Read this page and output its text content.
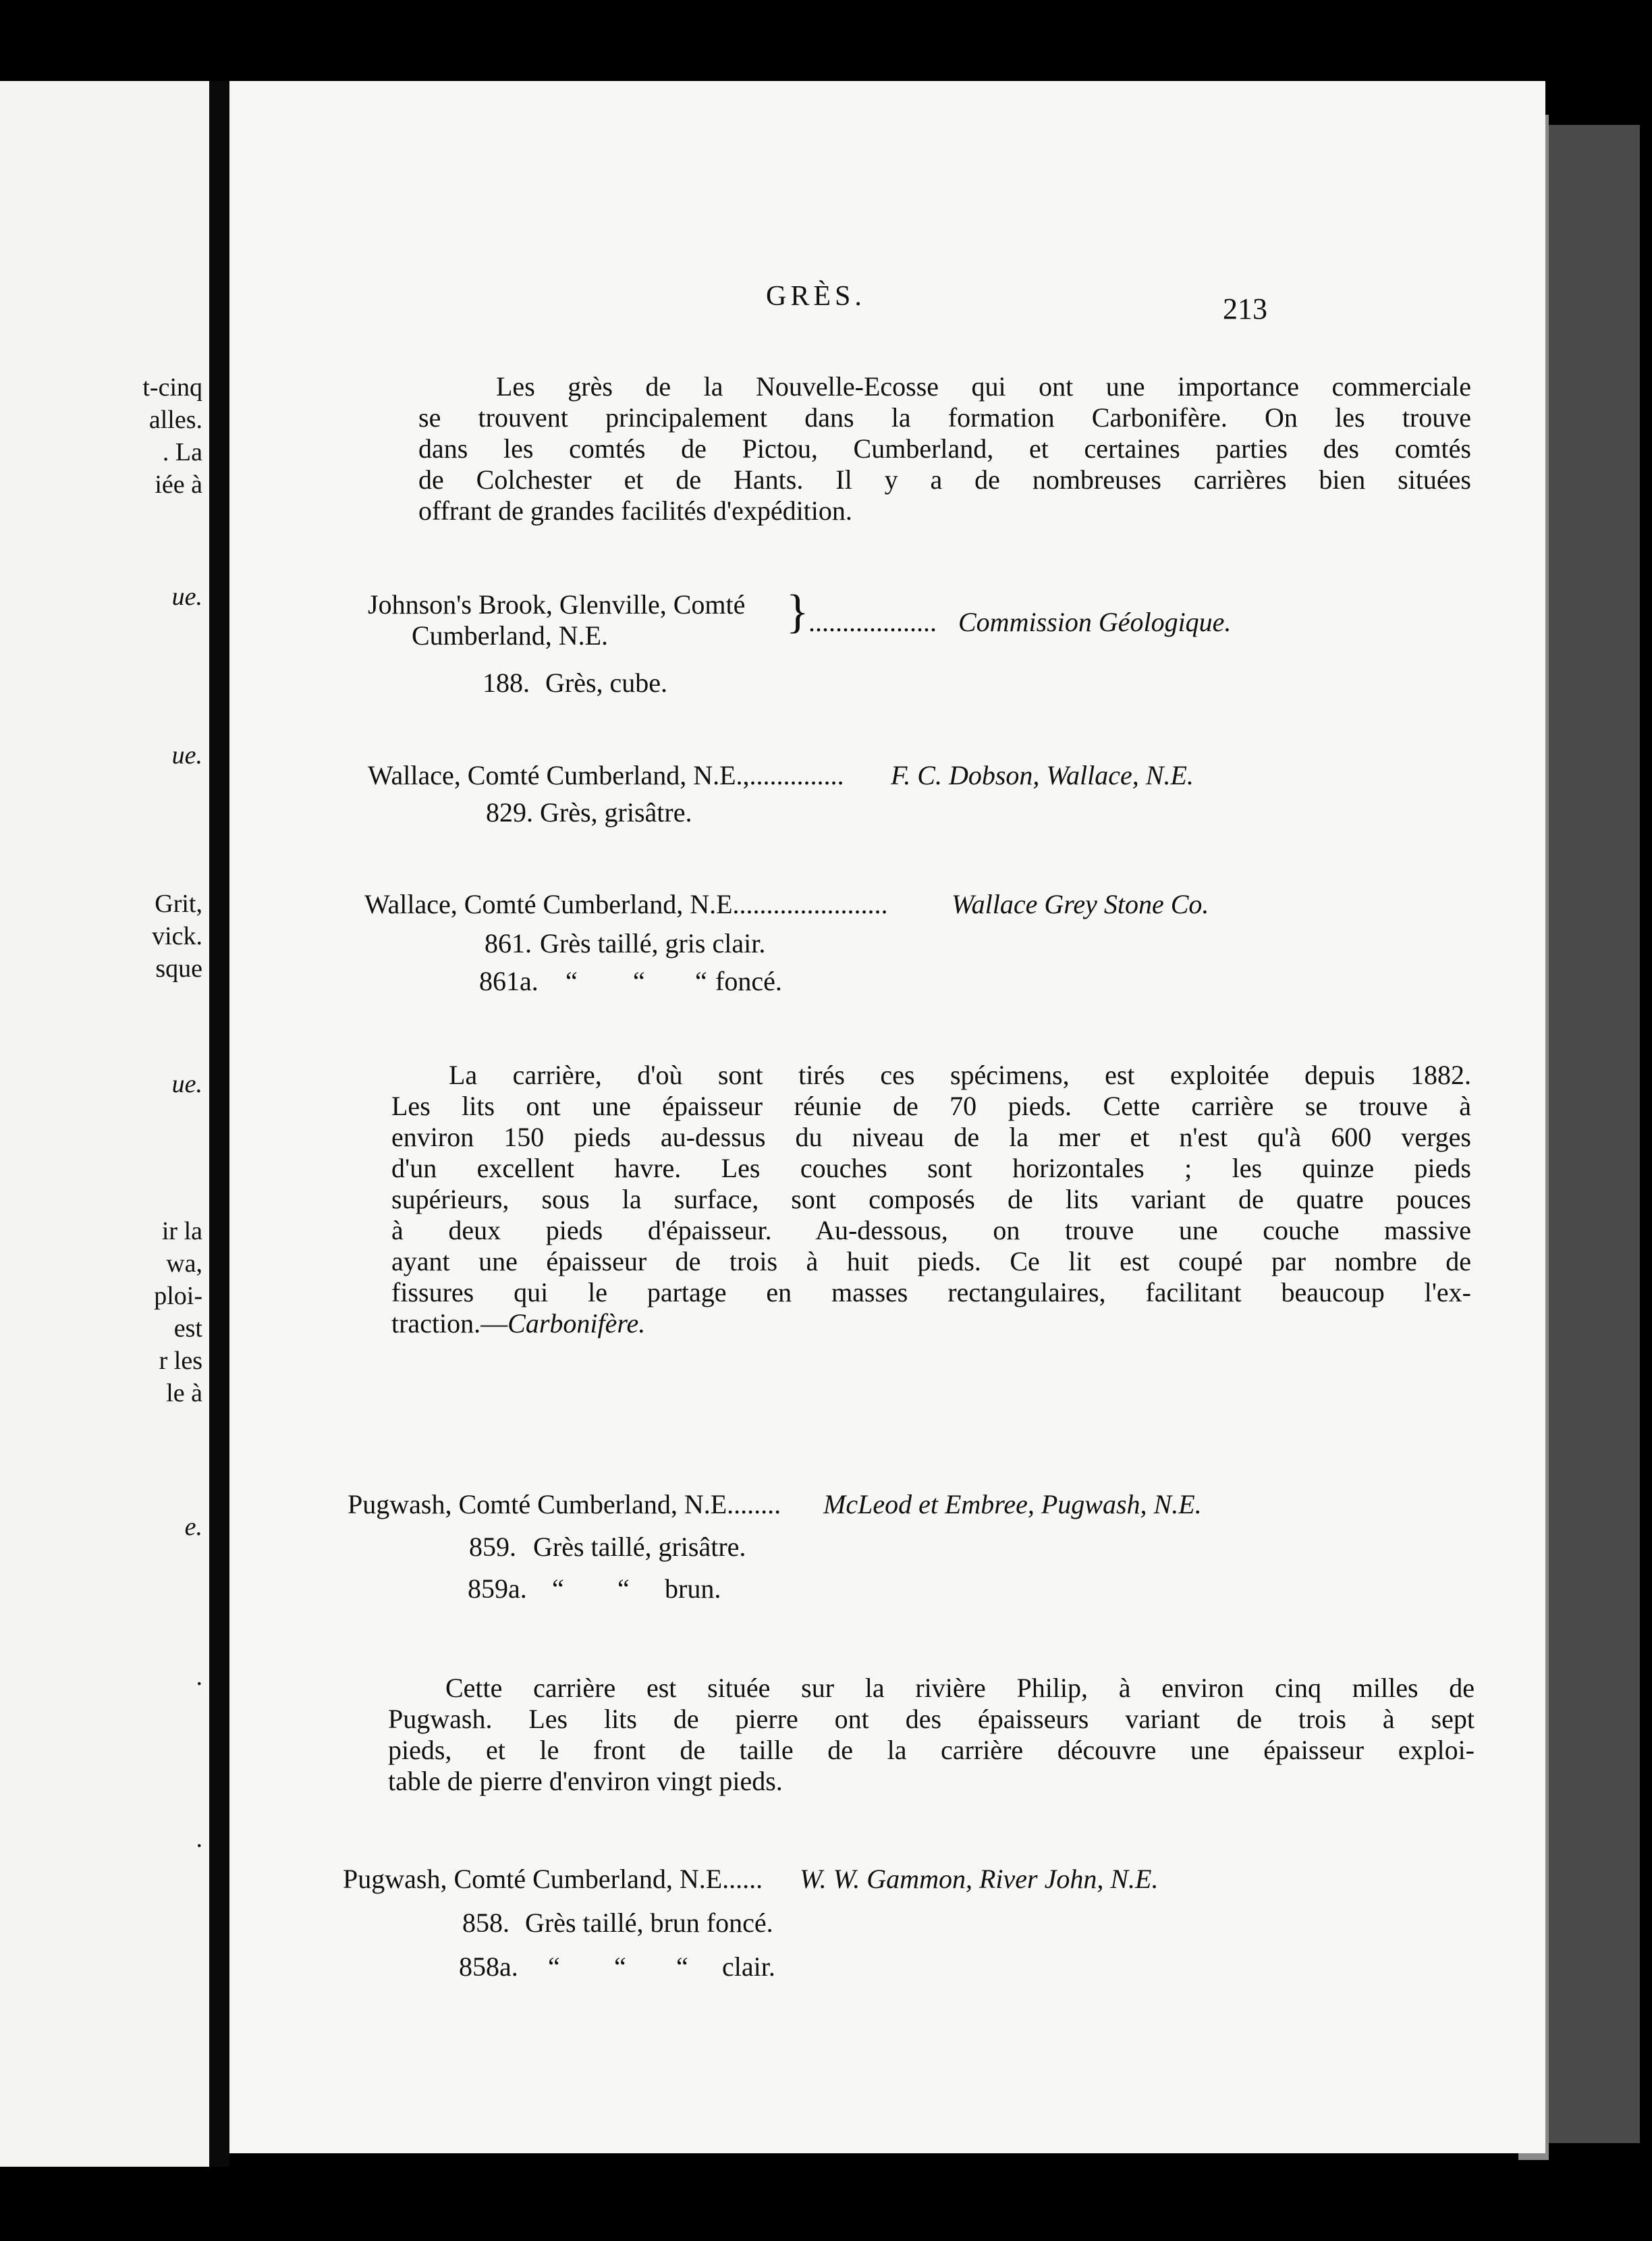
t-cinq
alles.
. La
iée à
ue.
ue.
Grit,
vick.
sque
ue.
ir la
wa,
ploi-
est
r les
le à
e.
.
.
GRÈS.	213
Les grès de la Nouvelle-Ecosse qui ont une importance commerciale
se trouvent principalement dans la formation Carbonifère. On les trouve
dans les comtés de Pictou, Cumberland, et certaines parties des comtés
de Colchester et de Hants. Il y a de nombreuses carrières bien situées
offrant de grandes facilités d'expédition.
Johnson's Brook, Glenville, Comté
Cumberland, N.E.	} ................... Commission Géologique.
188. Grès, cube.
Wallace, Comté Cumberland, N.E.,.............. F. C. Dobson, Wallace, N.E.
829. Grès, grisâtre.
Wallace, Comté Cumberland, N.E....................... Wallace Grey Stone Co.
861. Grès taillé, gris clair.
861a. “ “ “ foncé.
La carrière, d'où sont tirés ces spécimens, est exploitée depuis 1882.
Les lits ont une épaisseur réunie de 70 pieds. Cette carrière se trouve à
environ 150 pieds au-dessus du niveau de la mer et n'est qu'à 600 verges
d'un excellent havre. Les couches sont horizontales ; les quinze pieds
supérieurs, sous la surface, sont composés de lits variant de quatre pouces
à deux pieds d'épaisseur. Au-dessous, on trouve une couche massive
ayant une épaisseur de trois à huit pieds. Ce lit est coupé par nombre de
fissures qui le partage en masses rectangulaires, facilitant beaucoup l'ex-
traction.—Carbonifère.
Pugwash, Comté Cumberland, N.E........ McLeod et Embree, Pugwash, N.E.
859. Grès taillé, grisâtre.
859a. “ “ brun.
Cette carrière est située sur la rivière Philip, à environ cinq milles de
Pugwash. Les lits de pierre ont des épaisseurs variant de trois à sept
pieds, et le front de taille de la carrière découvre une épaisseur exploi-
table de pierre d'environ vingt pieds.
Pugwash, Comté Cumberland, N.E...... W. W. Gammon, River John, N.E.
858. Grès taillé, brun foncé.
858a. “ “ “ clair.
